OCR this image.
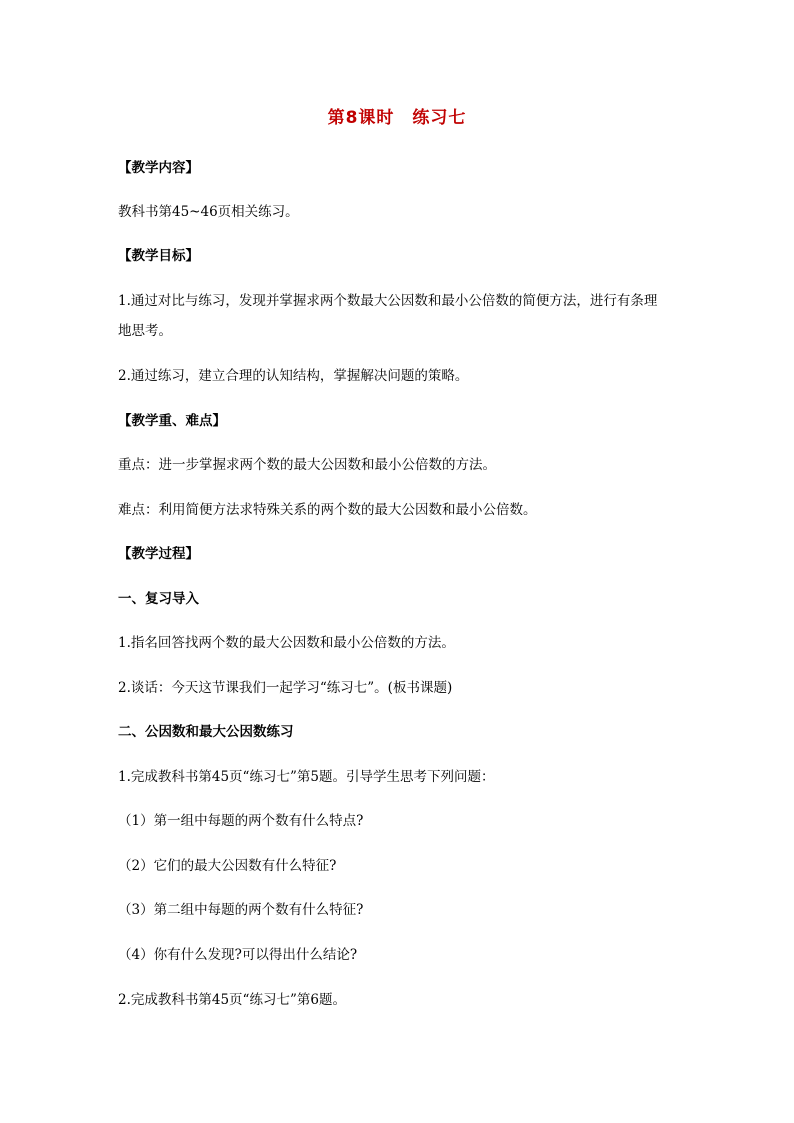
第8课时　练习七
【教学内容】
教科书第45~46页相关练习。
【教学目标】
1.通过对比与练习，发现并掌握求两个数最大公因数和最小公倍数的简便方法，进行有条理
地思考。
2.通过练习，建立合理的认知结构，掌握解决问题的策略。
【教学重、难点】
重点：进一步掌握求两个数的最大公因数和最小公倍数的方法。
难点：利用简便方法求特殊关系的两个数的最大公因数和最小公倍数。
【教学过程】
一、复习导入
1.指名回答找两个数的最大公因数和最小公倍数的方法。
2.谈话：今天这节课我们一起学习“练习七”。(板书课题)
二、公因数和最大公因数练习
1.完成教科书第45页“练习七”第5题。引导学生思考下列问题：
（1）第一组中每题的两个数有什么特点?
（2）它们的最大公因数有什么特征?
（3）第二组中每题的两个数有什么特征?
（4）你有什么发现?可以得出什么结论?
2.完成教科书第45页“练习七”第6题。
